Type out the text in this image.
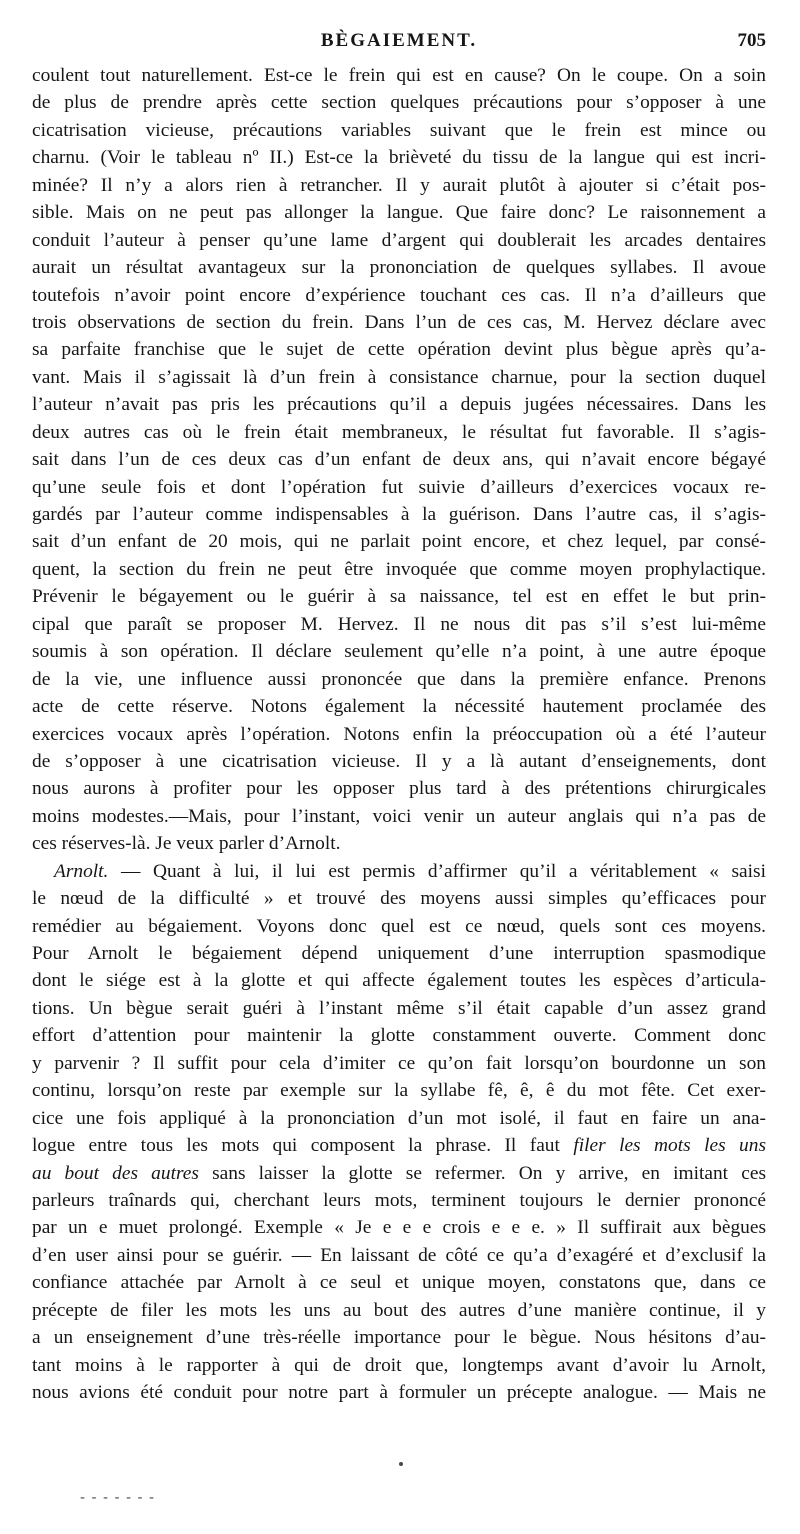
BÈGAIEMENT.	705
coulent tout naturellement. Est-ce le frein qui est en cause? On le coupe. On a soin
de plus de prendre après cette section quelques précautions pour s’opposer à une
cicatrisation vicieuse, précautions variables suivant que le frein est mince ou
charnu. (Voir le tableau nº II.) Est-ce la brièveté du tissu de la langue qui est incri-
minée? Il n’y a alors rien à retrancher. Il y aurait plutôt à ajouter si c’était pos-
sible. Mais on ne peut pas allonger la langue. Que faire donc? Le raisonnement a
conduit l’auteur à penser qu’une lame d’argent qui doublerait les arcades dentaires
aurait un résultat avantageux sur la prononciation de quelques syllabes. Il avoue
toutefois n’avoir point encore d’expérience touchant ces cas. Il n’a d’ailleurs que
trois observations de section du frein. Dans l’un de ces cas, M. Hervez déclare avec
sa parfaite franchise que le sujet de cette opération devint plus bègue après qu’a-
vant. Mais il s’agissait là d’un frein à consistance charnue, pour la section duquel
l’auteur n’avait pas pris les précautions qu’il a depuis jugées nécessaires. Dans les
deux autres cas où le frein était membraneux, le résultat fut favorable. Il s’agis-
sait dans l’un de ces deux cas d’un enfant de deux ans, qui n’avait encore bégayé
qu’une seule fois et dont l’opération fut suivie d’ailleurs d’exercices vocaux re-
gardés par l’auteur comme indispensables à la guérison. Dans l’autre cas, il s’agis-
sait d’un enfant de 20 mois, qui ne parlait point encore, et chez lequel, par consé-
quent, la section du frein ne peut être invoquée que comme moyen prophylactique.
Prévenir le bégayement ou le guérir à sa naissance, tel est en effet le but prin-
cipal que paraît se proposer M. Hervez. Il ne nous dit pas s’il s’est lui-même
soumis à son opération. Il déclare seulement qu’elle n’a point, à une autre époque
de la vie, une influence aussi prononcée que dans la première enfance. Prenons
acte de cette réserve. Notons également la nécessité hautement proclamée des
exercices vocaux après l’opération. Notons enfin la préoccupation où a été l’auteur
de s’opposer à une cicatrisation vicieuse. Il y a là autant d’enseignements, dont
nous aurons à profiter pour les opposer plus tard à des prétentions chirurgicales
moins modestes.—Mais, pour l’instant, voici venir un auteur anglais qui n’a pas de
ces réserves-là. Je veux parler d’Arnolt.
Arnolt. — Quant à lui, il lui est permis d’affirmer qu’il a véritablement « saisi
le nœud de la difficulté » et trouvé des moyens aussi simples qu’efficaces pour
remédier au bégaiement. Voyons donc quel est ce nœud, quels sont ces moyens.
Pour Arnolt le bégaiement dépend uniquement d’une interruption spasmodique
dont le siége est à la glotte et qui affecte également toutes les espèces d’articula-
tions. Un bègue serait guéri à l’instant même s’il était capable d’un assez grand
effort d’attention pour maintenir la glotte constamment ouverte. Comment donc
y parvenir ? Il suffit pour cela d’imiter ce qu’on fait lorsqu’on bourdonne un son
continu, lorsqu’on reste par exemple sur la syllabe fê, ê, ê du mot fête. Cet exer-
cice une fois appliqué à la prononciation d’un mot isolé, il faut en faire un ana-
logue entre tous les mots qui composent la phrase. Il faut filer les mots les uns
au bout des autres sans laisser la glotte se refermer. On y arrive, en imitant ces
parleurs traînards qui, cherchant leurs mots, terminent toujours le dernier prononcé
par un e muet prolongé. Exemple « Je e e e crois e e e. » Il suffirait aux bègues
d’en user ainsi pour se guérir. — En laissant de côté ce qu’a d’exagéré et d’exclusif la
confiance attachée par Arnolt à ce seul et unique moyen, constatons que, dans ce
précepte de filer les mots les uns au bout des autres d’une manière continue, il y
a un enseignement d’une très-réelle importance pour le bègue. Nous hésitons d’au-
tant moins à le rapporter à qui de droit que, longtemps avant d’avoir lu Arnolt,
nous avions été conduit pour notre part à formuler un précepte analogue. — Mais ne
- - - - - - -
